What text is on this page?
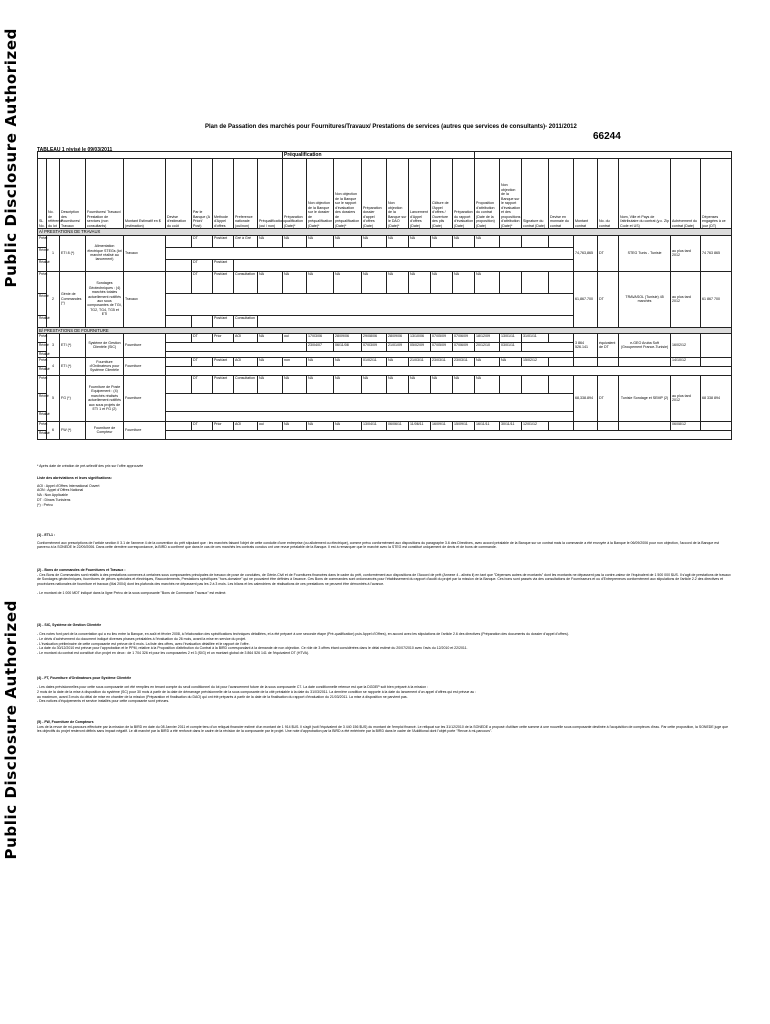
Public Disclosure Authorized
Public Disclosure Authorized
Plan de Passation des marchés pour Fournitures/Travaux/ Prestations de services (autres que services de consultants)- 2011/2012
66244
TABLEAU 1 révisé le 09/03/2011
										Préqualification																
SL No.	No. de référence du lot	Description des Fournitures/ Travaux	Fournitures/ Travaux/ Prestation de services (non consultants)	Montant Estimatif en $ (estimation)	Devise d'estimation du coût	Par le Banque (A Priori/ Post)	Methode d'Appel d'offres	Preference nationale (oui/non)	Préqualification (oui / non)	Préparation qualification (Date)*	Non objection de la Banque sur le dossier de préqualification (Date)*	Non objection de la Banque sur le rapport d'évaluation des dossiers de préqualification (Date)*	Préparation dossier d'appel d'offres (Date)	Non objection de la Banque sur le DAO (Date)*	Lancement d'Appel d'offres (Date)	Clôture de l'Appel d'offres / Ouverture des plis (Date)	Préparation du rapport d'évaluation (Date)	Proposition d'attribution du contrat (Date de la proposition) (Date)	Non objection de la Banque sur le rapport d'évaluation et des propositions d'attribution (Date)*	Signature du contrat (Date)	Devise en monnaie du contrat	Montant contrat	No. du contrat	Nom, Ville et Pays de l'attributaire du contrat (y.c. Zip Code et US)	Achèvement du contrat (Date)	Dépenses engagées à ce jour (DT)
A/ PRESTATIONS DE TRAVAUX																										
Prévu	1	ETI 8 (*)	Alimentation électrique STEGs (lot marché réalisé au lancement)	Travaux		DT	Post/ant	Gré à Gré	NA	NA	NA	NA	NA	NA	NA	NA	NA	NA				74,763,865	DT	STEG Tunis - Tunisie	au plus tard 2012	74 763 865
Révisé																										
Réalisé						DT	Post/ant																			
Prévu	2	Génie de Commandes (*)	Sondages Géotechniques : (4) marchés totales actuellement notifiés aux sous composantes de TGt, TG2, TG4, TG5 et ETI	Travaux		DT	Post/ant	Consultation	NA	NA	NA	NA	NA	NA	NA	NA	NA	NA				61,867.700	DT	TRAVASOL (Tunisie) 45 marchés	au plus tard 2012	61 867 700
Révisé																										
Réalisé							Post/ant	Consultation																		
B/ PRESTATIONS DE FOURNITURE																										
Prévu	3	ETI (*)	Système de Gestion Clientèle (SIC)	Fourniture		DT	Prior	AOI	NA	oui	17/03/06	28/09/06	29/08/06	28/09/06	13/10/06	07/05/09	07/06/09	18/12/09	13/01/11	31/01/11		3 864 526.141	équivalent de DT	e-GEO Aruba Soft (Groupement France-Tunisie)	16/02/12	
Révisé											23/04/07	06/11/08	07/03/09	21/01/09	05/02/09	07/05/09	07/06/09	20/12/10	03/01/11							
Réalisé																										
Prévu	4	ETI (*)	Fourniture d'Ordinateurs pour Système Clientèle	Fourniture		DT	Post/ant	AOI	NA	non	NA	NA	01/02/11	NA	21/03/11	23/03/11	23/03/11	NA	NA	15/02/12					14/10/12	
Réalisé																										
Prévu	5	FG (*)	Fourniture de Poste Equipement : (4) marchés réalisés actuellement notifiés aux sous projets de ETI 1 et FG (2)	Fourniture		DT	Post/ant	Consultation	NA	NA	NA	NA	NA	NA	NA	NA	NA	NA				68,338.894	DT	Tunisie Sondage et SEMP (2)	au plus tard 2012	68 338 894
Révisé																										
Réalisé																										
Prévu	6	FW (*)	Fourniture de Compteur	Fourniture		DT	Prior	AOI	oui	NA	NA	NA	13/04/11	06/06/11	11/06/11	16/09/11	15/09/11	16/11/11	30/11/11	12/01/12					06/08/12	
Réalisé																										
* Après date de création de pré-sélectif des prix sur l'offre approuvée

Liste des abréviations et leurs significations:

AOI : Appel d'Offres International Ouvert

AON : Appel d'Offres National

NA : Non Applicable

DT : Dinars Tunisiens

(*) : Prévu

(1) - ETI-1 :

Conformément aux prescriptions de l'article section II 3.1 de l'annexe 4 de la convention du prêt stipulant que : les marchés faisant l'objet de cette conduite d'une entreprise (ou allotement ou électrique), comme prévu conformément aux dispositions du paragraphe 3.6 des Directives, avec accord préalable de la Banque sur un contrat mais la commande a été envoyée à la Banque le 06/09/2006 pour non objection, l'accord de la Banque est parvenu à la SONEDE le 22/09/2006. Dans cette dernière correspondance, la BIRD a confirmé que dans le cas de ces marchés les contrats conclus ont une revue préalable de la Banque. Il est à remarquer que le marché avec la STEG est constitué uniquement de devis et de bons de commande.

(2) - Bons de commandes de Fournitures et Travaux :

- Ces Bons de Commandes sont relatifs à des prestations connexes à certaines sous composantes principales de travaux de pose de conduites, de Génie-Civil et de Fournitures financées dans le cadre du prêt, conformément aux dispositions de l'Accord de prêt (Annexe 4 - alinéa ii) en tant que "Dépenses autres de montants" dont les montants ne dépassent pas la contre-valeur de l'équivalent de 1 500 000 $US. Il s'agit de prestations de travaux de Sondages géotechniques, fournitures de pièces spéciales et électriques, Raccordements, Prestations spécifiques "hors-domaine" qui ne pouvaient être définies à l'avance. Ces Bons de commandes sont ordonnancés pour l'établissement du rapport d'audit du projet par la mission de la Banque. Ces bons sont passés via des consultations de Fournisseurs et ou d'Entrepreneurs conformément aux stipulations de l'article 2.2 des directives et procédures nationales de fourniture et travaux (Mai 2004) dont les plafonds des marchés ne dépassent pas les 2 à 3 mois. Les bilans et les calendriers de réalisations de ces prestations ne peuvent être démontrés à l'avance.

- Le montant de 1 000 MDT indiqué dans la ligne Prévu de la sous composante "Bons de Commande Travaux" est estimé.

(3) - SIC, Système de Gestion Clientèle

- Ces notes font part de la concertation qui a eu lieu entre la Banque, en août et février 2008, à l'élaboration des spécifications techniques détaillées, et a été préparé à une seconde étape (Pré-qualification) puis Appel d'Offres), en accord avec les stipulations de l'article 2.6 des directives (Préparation des documents du dossier d'appel d'offres).
- Le dévis d'achèvement du document indiqué diverses phases préalables à l'évaluation du 26 mois, avant la mise en service du projet.
- L'évaluation préliminaire de cette composante est prévue de 6 mois. La liste des offres, avec l'évaluation détaillée et le rapport de l'offre.
- La date du 30/12/2010 est prévue pour l'approbation et le PPM, relative à la Proposition d'attribution du Contrat à la BIRD correspondant à la demande de non objection. Ce rôle de 3 offres étant considérées dans le délai estimé du 20/07/2010 avec l'avis du 12/2010 et 22/2011.
- Le montant du contrat est constitué d'un projet en deux : de 1 704 326 et pour les composantes 2 et 3 (SIG) et un montant global de 3 864 526 141 de l'équivalent DT (HTVA).

(4) - FT, Fourniture d'Ordinateurs pour Système Clientèle

- Les dates prévisionnelles pour cette sous composante ont été remplies en tenant compte du seuil conditionnel du lot pour l'avancement future de la sous composante C7. La date conditionnelle retenue est que la DGDEP soit bien préparé à la mission :
2 mois de la date de la mise à disposition du système (SC) pour 30 mois à partir de la date de démarrage prévisionnelle de la sous composante de la cité préalable à la date du 31/03/2011. La dernière condition se rapporte à la date du lancement d'un appel d'offres qui est prévue au :
au maximum, avant 3 mois du délai de mise en chantier de la mission (Préparation et finalisation du DAO) qui ont été préparés à partir de la date de la finalisation du rapport d'évaluation du 21/03/2011. La mise à disposition ne parvient pas.
- Des notices d'équipements et service installés pour cette composante sont prévues.

(5) - FW, Fourniture de Compteurs

Lors de la revue de mi-parcours effectuée par la mission de la BIRD en date du 08 Janvier 2011 et compte tenu d'un reliquat financier estimé d'un montant de 1 914 $US. Il s'agit (soit l'équivalent de 3 440 156 $US) du montant de l'emploi financé. Le reliquat sur les 31/12/2010 de la SONEDE a proposé d'utiliser cette somme à une nouvelle sous composante destinée à l'acquisition de compteurs d'eau. Par cette proposition, la SONEDE juge que les objectifs du projet resteront définis sans impact négatif. Le dit marché par la BIRD a été renforcé dans le cadre de la révision de la composante par le projet. Une note d'approbation par la BIRD a été entérinée par la BIRD dans le cadre de l'Additional dont l'objet porte "Revue à mi-parcours".
